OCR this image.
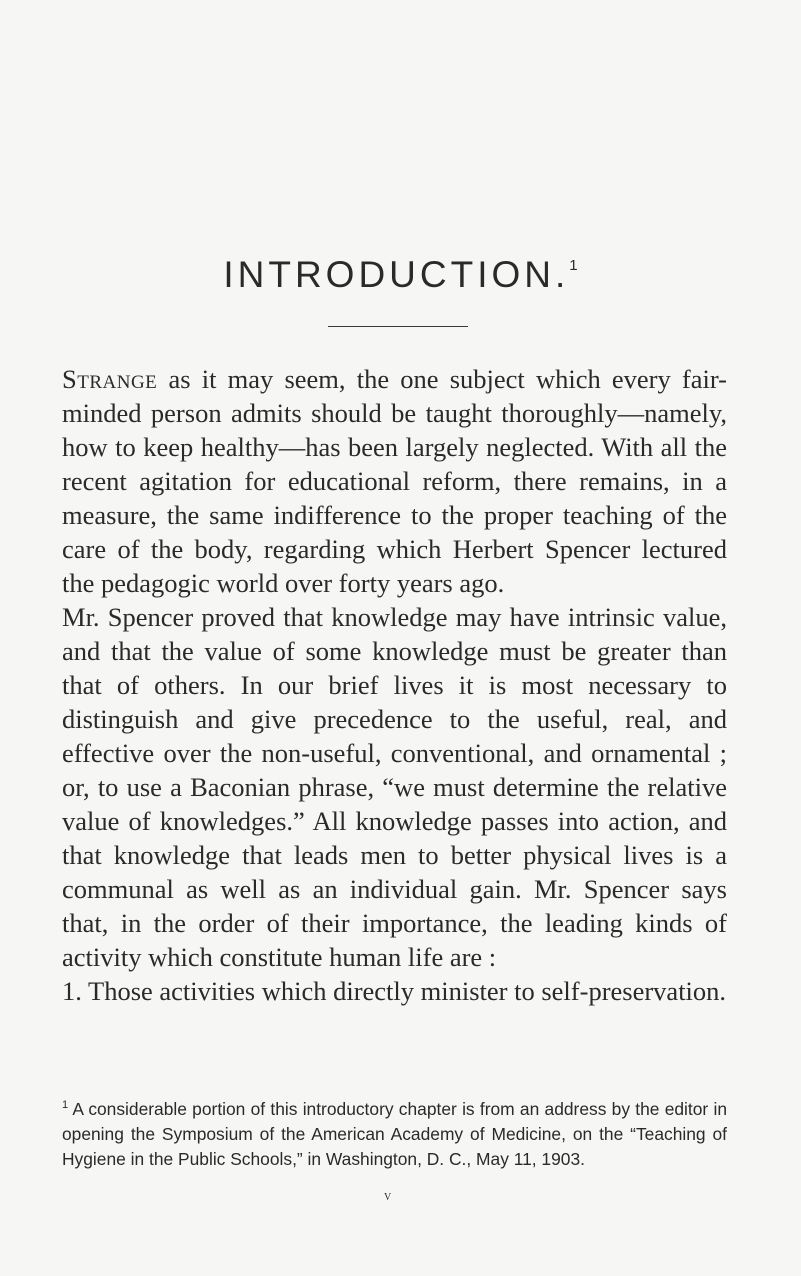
INTRODUCTION.$^1$

Strange as it may seem, the one subject which every fair-minded person admits should be taught thoroughly—namely, how to keep healthy—has been largely neglected. With all the recent agitation for educational reform, there remains, in a measure, the same indifference to the proper teaching of the care of the body, regarding which Herbert Spencer lectured the pedagogic world over forty years ago.

Mr. Spencer proved that knowledge may have intrinsic value, and that the value of some knowledge must be greater than that of others. In our brief lives it is most necessary to distinguish and give precedence to the useful, real, and effective over the non-useful, conventional, and ornamental ; or, to use a Baconian phrase, “we must determine the relative value of knowledges.” All knowledge passes into action, and that knowledge that leads men to better physical lives is a communal as well as an individual gain. Mr. Spencer says that, in the order of their importance, the leading kinds of activity which constitute human life are :

1. Those activities which directly minister to self-preservation.

$^1$ A considerable portion of this introductory chapter is from an address by the editor in opening the Symposium of the American Academy of Medicine, on the “Teaching of Hygiene in the Public Schools,” in Washington, D. C., May 11, 1903.
v
